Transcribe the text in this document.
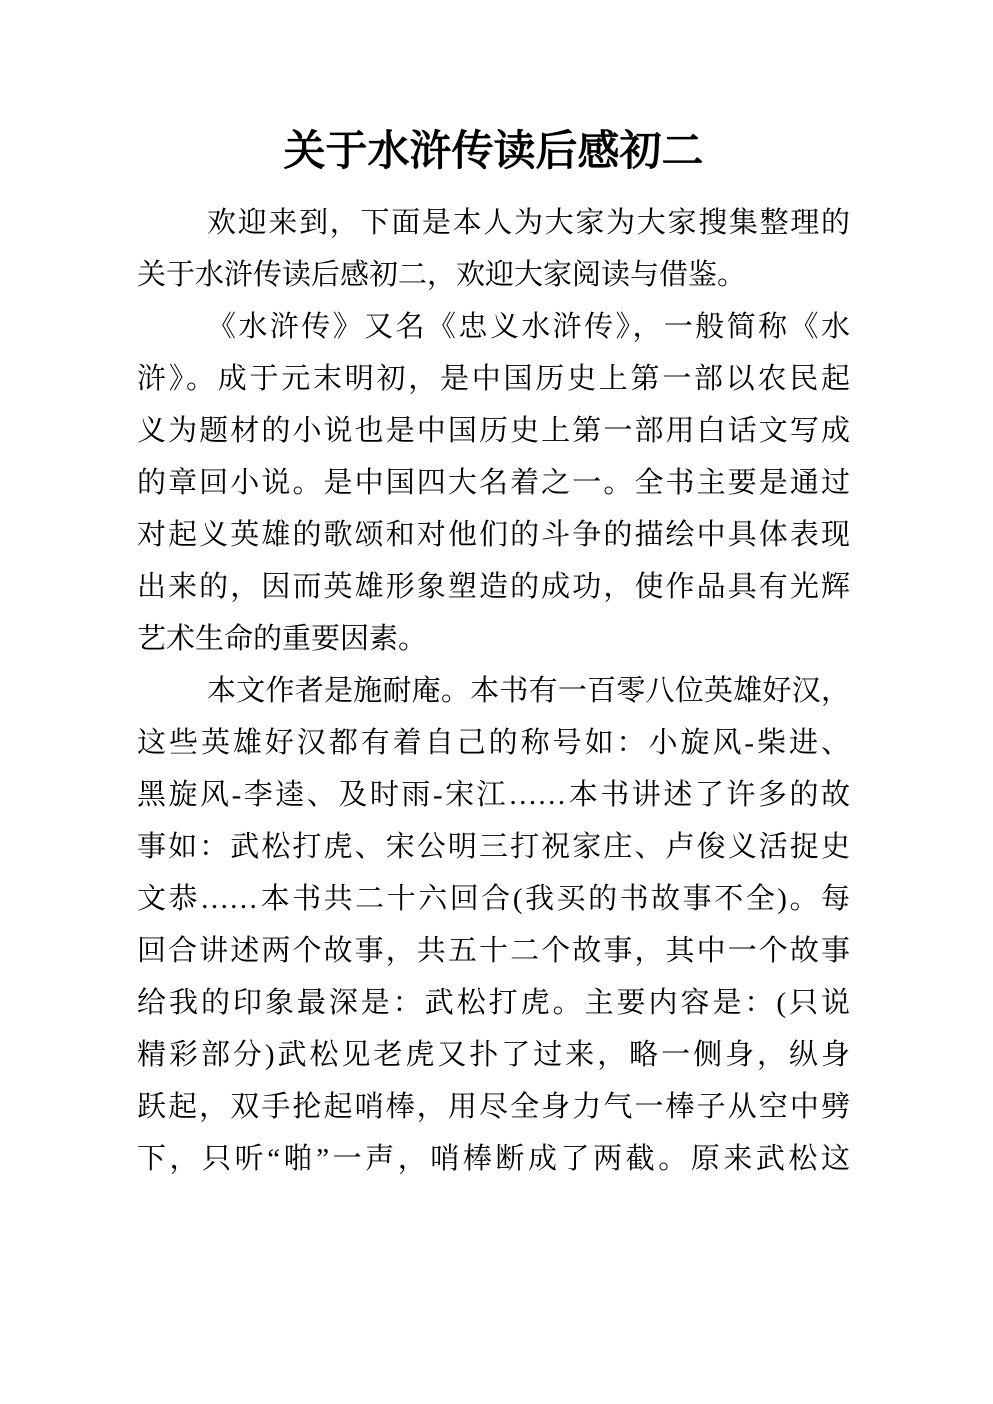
关于水浒传读后感初二
欢迎来到，下面是本人为大家为大家搜集整理的
关于水浒传读后感初二，欢迎大家阅读与借鉴。
《水浒传》又名《忠义水浒传》，一般简称《水
浒》。成于元末明初，是中国历史上第一部以农民起
义为题材的小说也是中国历史上第一部用白话文写成
的章回小说。是中国四大名着之一。全书主要是通过
对起义英雄的歌颂和对他们的斗争的描绘中具体表现
出来的，因而英雄形象塑造的成功，使作品具有光辉
艺术生命的重要因素。
本文作者是施耐庵。本书有一百零八位英雄好汉，
这些英雄好汉都有着自己的称号如：小旋风-柴进、
黑旋风-李逵、及时雨-宋江……本书讲述了许多的故
事如：武松打虎、宋公明三打祝家庄、卢俊义活捉史
文恭……本书共二十六回合(我买的书故事不全)。每
回合讲述两个故事，共五十二个故事，其中一个故事
给我的印象最深是：武松打虎。主要内容是：(只说
精彩部分)武松见老虎又扑了过来，略一侧身，纵身
跃起，双手抡起哨棒，用尽全身力气一棒子从空中劈
下，只听“啪”一声，哨棒断成了两截。原来武松这
